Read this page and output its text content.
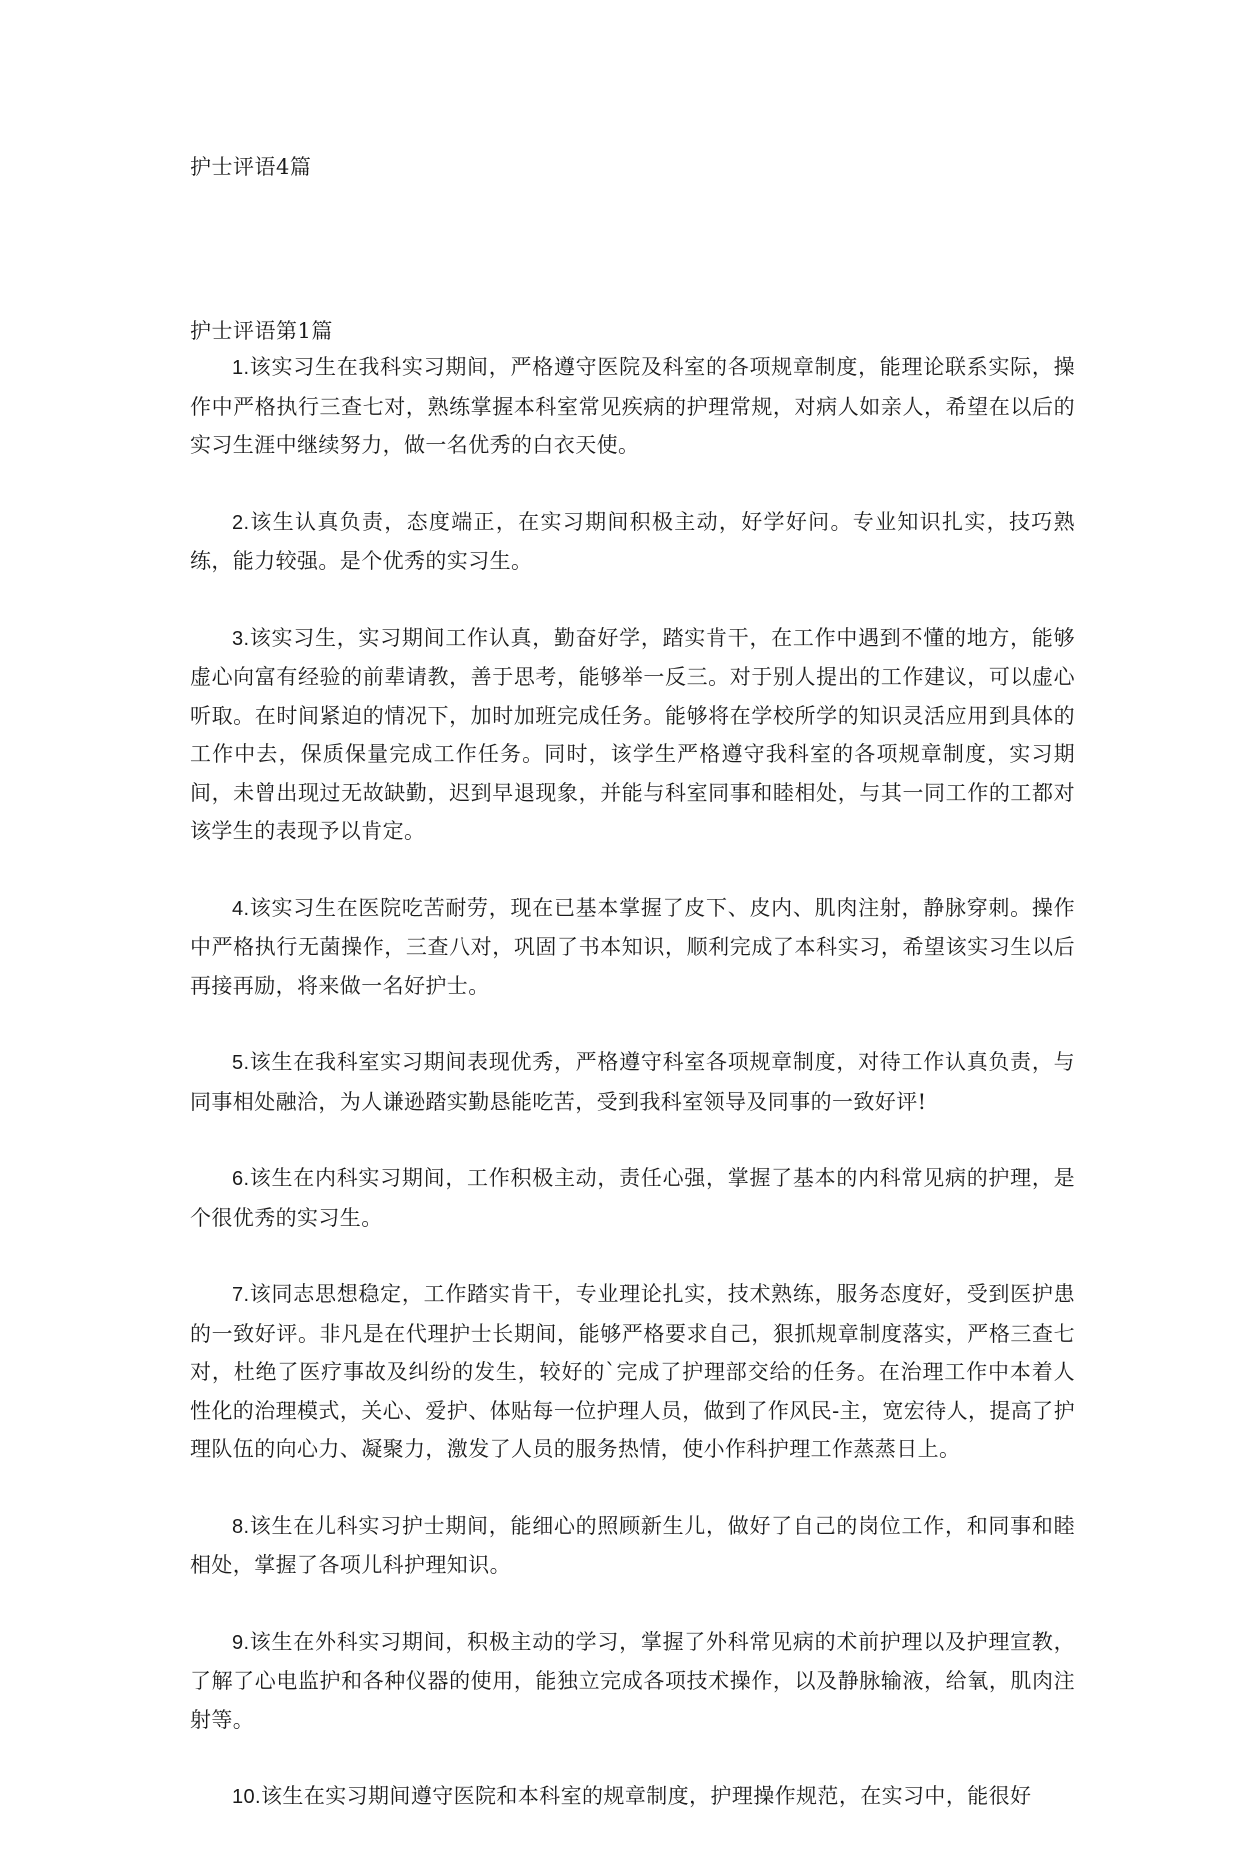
护士评语4篇
护士评语第1篇

1.该实习生在我科实习期间，严格遵守医院及科室的各项规章制度，能理论联系实际，操作中严格执行三查七对，熟练掌握本科室常见疾病的护理常规，对病人如亲人，希望在以后的实习生涯中继续努力，做一名优秀的白衣天使。

2.该生认真负责，态度端正，在实习期间积极主动，好学好问。专业知识扎实，技巧熟练，能力较强。是个优秀的实习生。

3.该实习生，实习期间工作认真，勤奋好学，踏实肯干，在工作中遇到不懂的地方，能够虚心向富有经验的前辈请教，善于思考，能够举一反三。对于别人提出的工作建议，可以虚心听取。在时间紧迫的情况下，加时加班完成任务。能够将在学校所学的知识灵活应用到具体的工作中去，保质保量完成工作任务。同时，该学生严格遵守我科室的各项规章制度，实习期间，未曾出现过无故缺勤，迟到早退现象，并能与科室同事和睦相处，与其一同工作的工都对该学生的表现予以肯定。

4.该实习生在医院吃苦耐劳，现在已基本掌握了皮下、皮内、肌肉注射，静脉穿刺。操作中严格执行无菌操作，三查八对，巩固了书本知识，顺利完成了本科实习，希望该实习生以后再接再励，将来做一名好护士。

5.该生在我科室实习期间表现优秀，严格遵守科室各项规章制度，对待工作认真负责，与同事相处融洽，为人谦逊踏实勤恳能吃苦，受到我科室领导及同事的一致好评!

6.该生在内科实习期间，工作积极主动，责任心强，掌握了基本的内科常见病的护理，是个很优秀的实习生。

7.该同志思想稳定，工作踏实肯干，专业理论扎实，技术熟练，服务态度好，受到医护患的一致好评。非凡是在代理护士长期间，能够严格要求自己，狠抓规章制度落实，严格三查七对，杜绝了医疗事故及纠纷的发生，较好的`完成了护理部交给的任务。在治理工作中本着人性化的治理模式，关心、爱护、体贴每一位护理人员，做到了作风民-主，宽宏待人，提高了护理队伍的向心力、凝聚力，激发了人员的服务热情，使小作科护理工作蒸蒸日上。

8.该生在儿科实习护士期间，能细心的照顾新生儿，做好了自己的岗位工作，和同事和睦相处，掌握了各项儿科护理知识。

9.该生在外科实习期间，积极主动的学习，掌握了外科常见病的术前护理以及护理宣教，了解了心电监护和各种仪器的使用，能独立完成各项技术操作，以及静脉输液，给氧，肌肉注射等。

10.该生在实习期间遵守医院和本科室的规章制度，护理操作规范，在实习中，能很好
